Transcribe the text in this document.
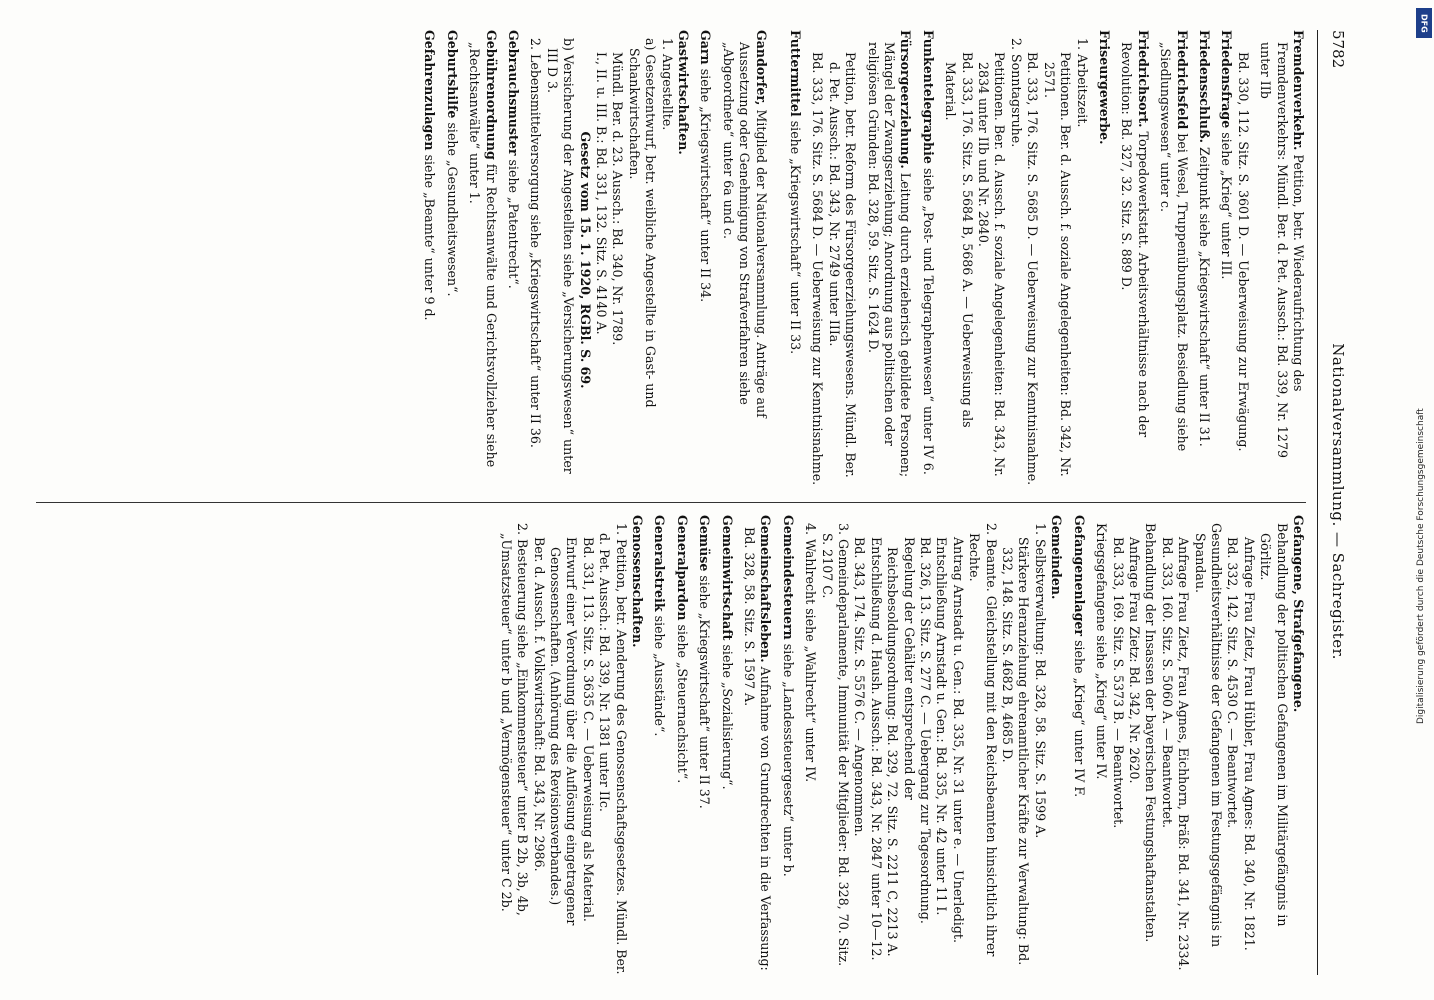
5782
Nationalversammlung. — Sachregister.

Fremdenverkehr. Petition, betr. Wiederaufrichtung des Fremdenverkehrs: Mündl. Ber. d. Pet. Aussch.: Bd. 339, Nr. 1279 unter IIb

Bd. 330, 112. Sitz. S. 3601 D. — Ueberweisung zur Erwägung.

Friedensfrage siehe „Krieg“ unter III.

Friedensschluß. Zeitpunkt siehe „Kriegswirtschaft“ unter II 31.

Friedrichsfeld bei Wesel, Truppenübungsplatz. Besiedlung siehe „Siedlungswesen“ unter c.

Friedrichsort. Torpedowerkstatt. Arbeitsverhältnisse nach der Revolution: Bd. 327, 32. Sitz. S. 889 D.

Friseurgewerbe.

1. Arbeitszeit.

Petitionen. Ber. d. Aussch. f. soziale Angelegenheiten: Bd. 342, Nr. 2571.

Bd. 333, 176. Sitz. S. 5685 D. — Ueberweisung zur Kenntnisnahme.

2. Sonntagsruhe.

Petitionen. Ber. d. Aussch. f. soziale Angelegenheiten: Bd. 343, Nr. 2834 unter IIb und Nr. 2840.

Bd. 333, 176. Sitz. S. 5684 B, 5686 A. — Ueberweisung als Material.

Funkentelegraphie siehe „Post- und Telegraphenwesen“ unter IV 6.

Fürsorgeerziehung. Leitung durch erzieherisch gebildete Personen; Mängel der Zwangserziehung; Anordnung aus politischen oder religiösen Gründen: Bd. 328, 59. Sitz. S. 1624 D.

Petition, betr. Reform des Fürsorgeerziehungswesens. Mündl. Ber. d. Pet. Aussch.: Bd. 343, Nr. 2749 unter IIIa.

Bd. 333, 176. Sitz. S. 5684 D. — Ueberweisung zur Kenntnisnahme.

Futtermittel siehe „Kriegswirtschaft“ unter II 33.

Gandorfer, Mitglied der Nationalversammlung. Anträge auf Aussetzung oder Genehmigung von Strafverfahren siehe „Abgeordnete“ unter 6a und c.

Garn siehe „Kriegswirtschaft“ unter II 34.

Gastwirtschaften.

1. Angestellte.

a) Gesetzentwurf, betr. weibliche Angestellte in Gast- und Schankwirtschaften.

Mündl. Ber. d. 23. Aussch.: Bd. 340, Nr. 1789.

I., II. u. III. B.: Bd. 331, 132. Sitz. S. 4140 A.

Gesetz vom 15. 1. 1920, RGBl. S. 69.

b) Versicherung der Angestellten siehe „Versicherungswesen“ unter III D 3.

2. Lebensmittelversorgung siehe „Kriegswirtschaft“ unter II 36.

Gebrauchsmuster siehe „Patentrecht“.

Gebührenordnung für Rechtsanwälte und Gerichtsvollzieher siehe „Rechtsanwälte“ unter 1.

Geburtshilfe siehe „Gesundheitswesen“.

Gefahrenzulagen siehe „Beamte“ unter 9 d.

Gefangene, Strafgefangene.

Behandlung der politischen Gefangenen im Militärgefängnis in Görlitz.

Anfrage Frau Zietz, Frau Hübler, Frau Agnes: Bd. 340, Nr. 1821.

Bd. 332, 142. Sitz. S. 4530 C. — Beantwortet.

Gesundheitsverhältnisse der Gefangenen im Festungsgefängnis in Spandau.

Anfrage Frau Zietz, Frau Agnes, Eichhorn, Bräß: Bd. 341, Nr. 2334.

Bd. 333, 160. Sitz. S. 5060 A. — Beantwortet.

Behandlung der Insassen der bayerischen Festungshaftanstalten.

Anfrage Frau Zietz: Bd. 342, Nr. 2620.

Bd. 333, 169. Sitz. S. 5373 B. — Beantwortet.

Kriegsgefangene siehe „Krieg“ unter IV.

Gefangenenlager siehe „Krieg“ unter IV F.

Gemeinden.

1. Selbstverwaltung: Bd. 328, 58. Sitz. S. 1599 A.

Stärkere Heranziehung ehrenamtlicher Kräfte zur Verwaltung: Bd. 332, 148. Sitz. S. 4682 B, 4685 D.

2. Beamte. Gleichstellung mit den Reichsbeamten hinsichtlich ihrer Rechte.

Antrag Arnstadt u. Gen.: Bd. 335, Nr. 31 unter e. — Unerledigt.

Entschließung Arnstadt u. Gen.: Bd. 335, Nr. 42 unter 11 I.

Bd. 326, 13. Sitz. S. 277 C. — Uebergang zur Tagesordnung.

Regelung der Gehälter entsprechend der Reichsbesoldungsordnung: Bd. 329, 72. Sitz. S. 2211 C, 2213 A.

Entschließung d. Haush. Aussch.: Bd. 343, Nr. 2847 unter 10—12.

Bd. 343, 174. Sitz. S. 5576 C. — Angenommen.

3. Gemeindeparlamente, Immunität der Mitglieder: Bd. 328, 70. Sitz. S. 2107 C.

4. Wahlrecht siehe „Wahlrecht“ unter IV.

Gemeindesteuern siehe „Landessteuergesetz“ unter b.

Gemeinschaftsleben. Aufnahme von Grundrechten in die Verfassung: Bd. 328, 58. Sitz. S. 1597 A.

Gemeinwirtschaft siehe „Sozialisierung“.

Gemüse siehe „Kriegswirtschaft“ unter II 37.

Generalpardon siehe „Steuernachsicht“.

Generalstreik siehe „Ausstände“.

Genossenschaften.

1. Petition, betr. Aenderung des Genossenschaftsgesetzes. Mündl. Ber. d. Pet. Aussch.: Bd. 339, Nr. 1381 unter IIc.

Bd. 331, 113. Sitz. S. 3635 C. — Ueberweisung als Material.

Entwurf einer Verordnung über die Auflösung eingetragener Genossenschaften. (Anhörung des Revisionsverbandes.)

Ber. d. Aussch. f. Volkswirtschaft: Bd. 343, Nr. 2986.

2. Besteuerung siehe „Einkommensteuer“ unter B 2b, 3b, 4b, „Umsatzsteuer“ unter b und „Vermögensteuer“ unter C 2b.

DFG
Digitalisierung gefördert durch die Deutsche Forschungsgemeinschaft
